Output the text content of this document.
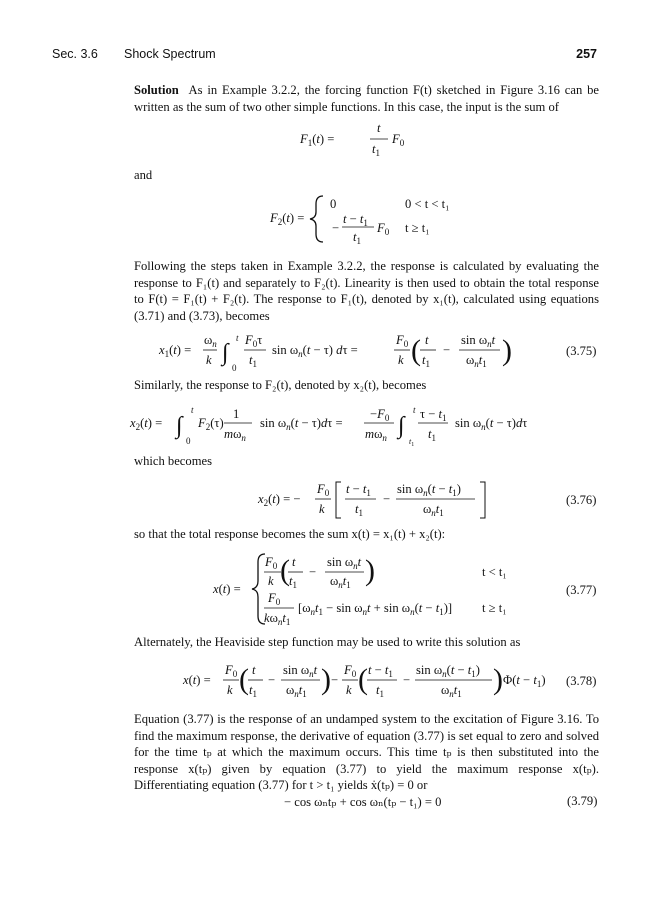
Sec. 3.6 Shock Spectrum	257
Solution As in Example 3.2.2, the forcing function F(t) sketched in Figure 3.16 can be written as the sum of two other simple functions. In this case, the input is the sum of
$F_1(t)$ =
t
$t_1$
$F_0$
and
$F_2(t)$ =
0	0 < t < t₁
−
$t - t_1$
$t_1$
$F_0$ t ≥ t₁
Following the steps taken in Example 3.2.2, the response is calculated by evaluating the response to F₁(t) and separately to F₂(t). Linearity is then used to obtain the total response to F(t) = F₁(t) + F₂(t). The response to F₁(t), denoted by x₁(t), calculated using equations (3.71) and (3.73), becomes
$x_1(t)$ =
$\omega_n$
k ∫
t
0
$F_0\tau$
$t_1$
$\sin \omega_n(t - \tau) d\tau$ =
$F_0$
k ( t
$t_1$
−
$\sin \omega_nt$
$\omega_nt_1$ )	(3.75)
Similarly, the response to F₂(t), denoted by x₂(t), becomes
$x_2(t)$ = ∫
t
0
$F_2(\tau)$
1
$m\omega_n$
$\sin \omega_n(t - \tau)d\tau$ =
$-F_0$
$m\omega_n$ ∫
t
$t_1$
$\tau - t_1$
$t_1$
$\sin \omega_n(t - \tau)d\tau$
which becomes
$x_2(t)$ = −
$F_0$
k
$t - t_1$
$t_1$
−
$\sin \omega_n(t - t_1)$
$\omega_nt_1$
(3.76)
so that the total response becomes the sum x(t) = x₁(t) + x₂(t):
x(t) =
$F_0$
k ( t
$t_1$
−
$\sin \omega_nt$
$\omega_nt_1$ )	t < t₁
$F_0$
$k\omega_nt_1$
$[\omega_nt_1 - \sin \omega_nt + \sin \omega_n(t - t_1)] t \ge t_1$
(3.77)
Alternately, the Heaviside step function may be used to write this solution as
x(t) =
$F_0$
k ( t
$t_1$
−
$\sin \omega_nt$
$\omega_nt_1$ ) −
$F_0$
k ( $t - t_1$
$t_1$
−
$\sin \omega_n(t - t_1)$
$\omega_nt_1$ ) $\Phi(t - t_1)$ (3.78)
Equation (3.77) is the response of an undamped system to the excitation of Figure 3.16. To find the maximum response, the derivative of equation (3.77) is set equal to zero and solved for the time tₚ at which the maximum occurs. This time tₚ is then substituted into the response x(tₚ) given by equation (3.77) to yield the maximum response x(tₚ). Differentiating equation (3.77) for t > t₁ yields ẋ(tₚ) = 0 or
− cos ωₙtₚ + cos ωₙ(tₚ − t₁) = 0	(3.79)
